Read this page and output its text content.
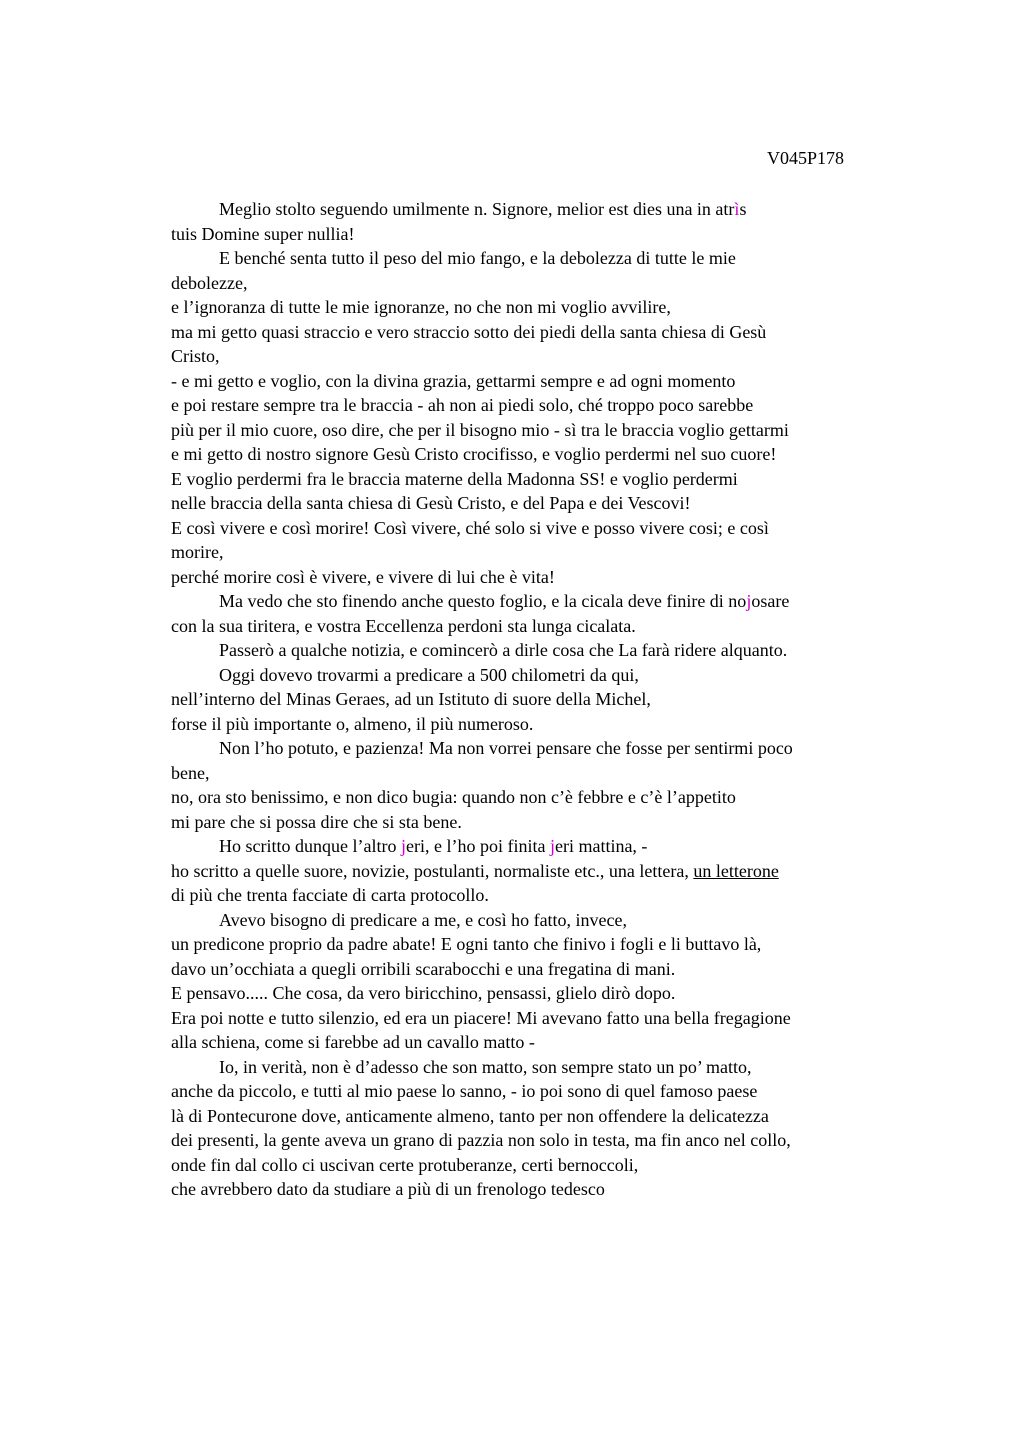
V045P178
Meglio stolto seguendo umilmente n. Signore, melior est dies una in atrìs
tuis Domine super nullia!
E benché senta tutto il peso del mio fango, e la debolezza di tutte le mie
debolezze,
e l’ignoranza di tutte le mie ignoranze, no che non mi voglio avvilire,
ma mi getto quasi straccio e vero straccio sotto dei piedi della santa chiesa di Gesù
Cristo,
- e mi getto e voglio, con la divina grazia, gettarmi sempre e ad ogni momento
e poi restare sempre tra le braccia - ah non ai piedi solo, ché troppo poco sarebbe
più per il mio cuore, oso dire, che per il bisogno mio - sì tra le braccia voglio gettarmi
e mi getto di nostro signore Gesù Cristo crocifisso, e voglio perdermi nel suo cuore!
E voglio perdermi fra le braccia materne della Madonna SS! e voglio perdermi
nelle braccia della santa chiesa di Gesù Cristo, e del Papa e dei Vescovi!
E così vivere e così morire! Così vivere, ché solo si vive e posso vivere cosi; e così
morire,
perché morire così è vivere, e vivere di lui che è vita!
Ma vedo che sto finendo anche questo foglio, e la cicala deve finire di nojosare
con la sua tiritera, e vostra Eccellenza perdoni sta lunga cicalata.
Passerò a qualche notizia, e comincerò a dirle cosa che La farà ridere alquanto.
Oggi dovevo trovarmi a predicare a 500 chilometri da qui,
nell’interno del Minas Geraes, ad un Istituto di suore della Michel,
forse il più importante o, almeno, il più numeroso.
Non l’ho potuto, e pazienza! Ma non vorrei pensare che fosse per sentirmi poco
bene,
no, ora sto benissimo, e non dico bugia: quando non c’è febbre e c’è l’appetito
mi pare che si possa dire che si sta bene.
Ho scritto dunque l’altro jeri, e l’ho poi finita jeri mattina, -
ho scritto a quelle suore, novizie, postulanti, normaliste etc., una lettera, un letterone
di più che trenta facciate di carta protocollo.
Avevo bisogno di predicare a me, e così ho fatto, invece,
un predicone proprio da padre abate! E ogni tanto che finivo i fogli e li buttavo là,
davo un’occhiata a quegli orribili scarabocchi e una fregatina di mani.
E pensavo..... Che cosa, da vero biricchino, pensassi, glielo dirò dopo.
Era poi notte e tutto silenzio, ed era un piacere! Mi avevano fatto una bella fregagione
alla schiena, come si farebbe ad un cavallo matto -
Io, in verità, non è d’adesso che son matto, son sempre stato un po’ matto,
anche da piccolo, e tutti al mio paese lo sanno, - io poi sono di quel famoso paese
là di Pontecurone dove, anticamente almeno, tanto per non offendere la delicatezza
dei presenti, la gente aveva un grano di pazzia non solo in testa, ma fin anco nel collo,
onde fin dal collo ci uscivan certe protuberanze, certi bernoccoli,
che avrebbero dato da studiare a più di un frenologo tedesco
